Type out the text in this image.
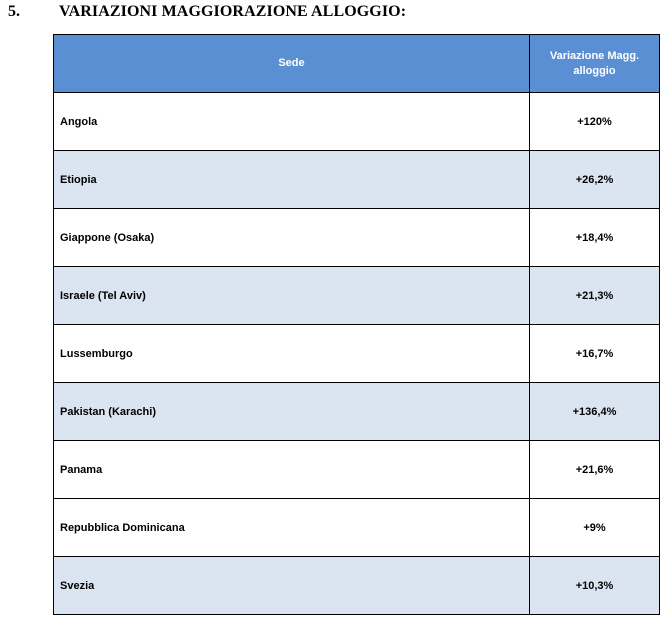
5. VARIAZIONI MAGGIORAZIONE ALLOGGIO:
Sede	Variazione Magg.
alloggio
Angola	+120%
Etiopia	+26,2%
Giappone (Osaka)	+18,4%
Israele (Tel Aviv)	+21,3%
Lussemburgo	+16,7%
Pakistan (Karachi)	+136,4%
Panama	+21,6%
Repubblica Dominicana	+9%
Svezia	+10,3%
